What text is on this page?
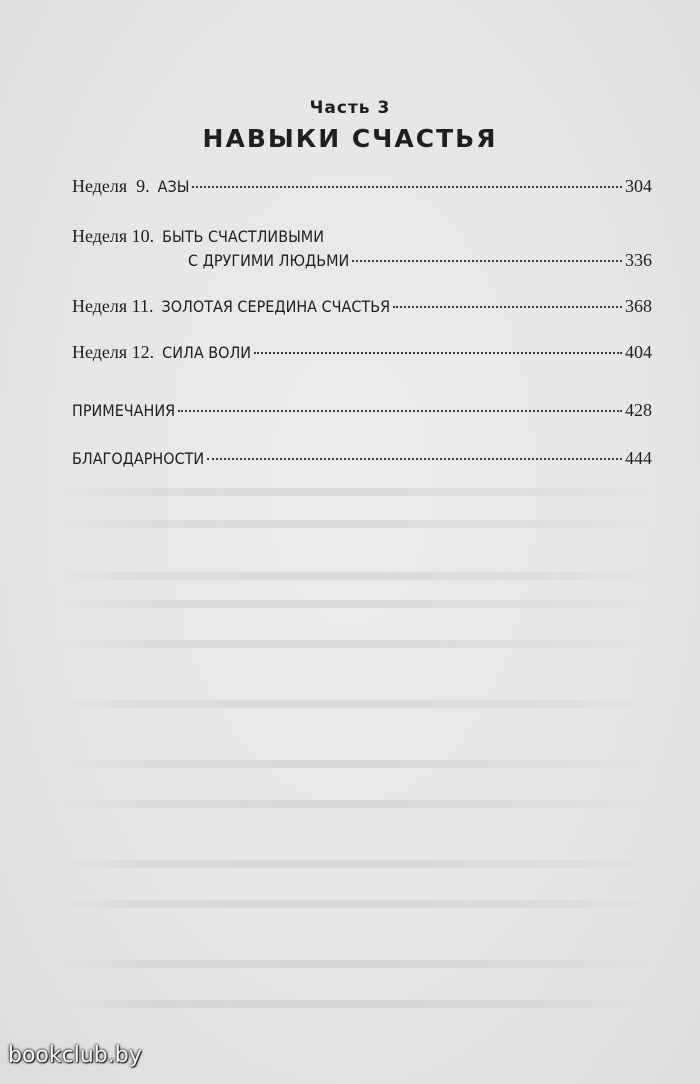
Часть 3
НАВЫКИ СЧАСТЬЯ
Неделя  9. АЗЫ	304
Неделя 10. БЫТЬ СЧАСТЛИВЫМИ
С ДРУГИМИ ЛЮДЬМИ	336
Неделя 11. ЗОЛОТАЯ СЕРЕДИНА СЧАСТЬЯ	368
Неделя 12. СИЛА ВОЛИ	404
ПРИМЕЧАНИЯ	428
БЛАГОДАРНОСТИ	444
bookclub.by
